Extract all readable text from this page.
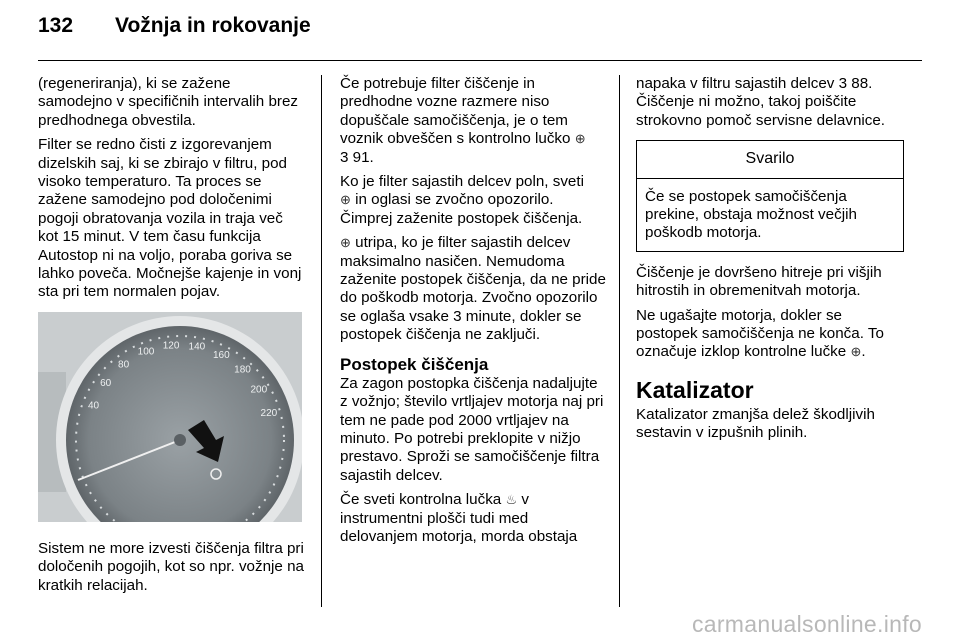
132 Vožnja in rokovanje

(regeneriranja), ki se zažene samodejno v specifičnih intervalih brez predhodnega obvestila.

Filter se redno čisti z izgorevanjem dizelskih saj, ki se zbirajo v filtru, pod visoko temperaturo. Ta proces se zažene samodejno pod določenimi pogoji obratovanja vozila in traja več kot 15 minut. V tem času funkcija Autostop ni na voljo, poraba goriva se lahko poveča. Močnejše kajenje in vonj sta pri tem normalen pojav.

40
60
80
100
120 140
160
180
200
220

Sistem ne more izvesti čiščenja filtra pri določenih pogojih, kot so npr. vožnje na kratkih relacijah.

Če potrebuje filter čiščenje in predhodne vozne razmere niso dopuščale samočiščenja, je o tem voznik obveščen s kontrolno lučko ⊕
3 91.

Ko je filter sajastih delcev poln, sveti
⊕ in oglasi se zvočno opozorilo. Čimprej zaženite postopek čiščenja.

⊕ utripa, ko je filter sajastih delcev maksimalno nasičen. Nemudoma zaženite postopek čiščenja, da ne pride do poškodb motorja. Zvočno opozorilo se oglaša vsake 3 minute, dokler se postopek čiščenja ne zaključi.

Postopek čiščenja

Za zagon postopka čiščenja nadaljujte z vožnjo; število vrtljajev motorja naj pri tem ne pade pod 2000 vrtljajev na minuto. Po potrebi preklopite v nižjo prestavo. Sproži se samočiščenje filtra sajastih delcev.

Če sveti kontrolna lučka ♨ v instrumentni plošči tudi med delovanjem motorja, morda obstaja

napaka v filtru sajastih delcev 3 88. Čiščenje ni možno, takoj poiščite strokovno pomoč servisne delavnice.

Svarilo
Če se postopek samočiščenja prekine, obstaja možnost večjih poškodb motorja.

Čiščenje je dovršeno hitreje pri višjih hitrostih in obremenitvah motorja.

Ne ugašajte motorja, dokler se postopek samočiščenja ne konča. To označuje izklop kontrolne lučke ⊕.

Katalizator

Katalizator zmanjša delež škodljivih sestavin v izpušnih plinih.

carmanualsonline.info
